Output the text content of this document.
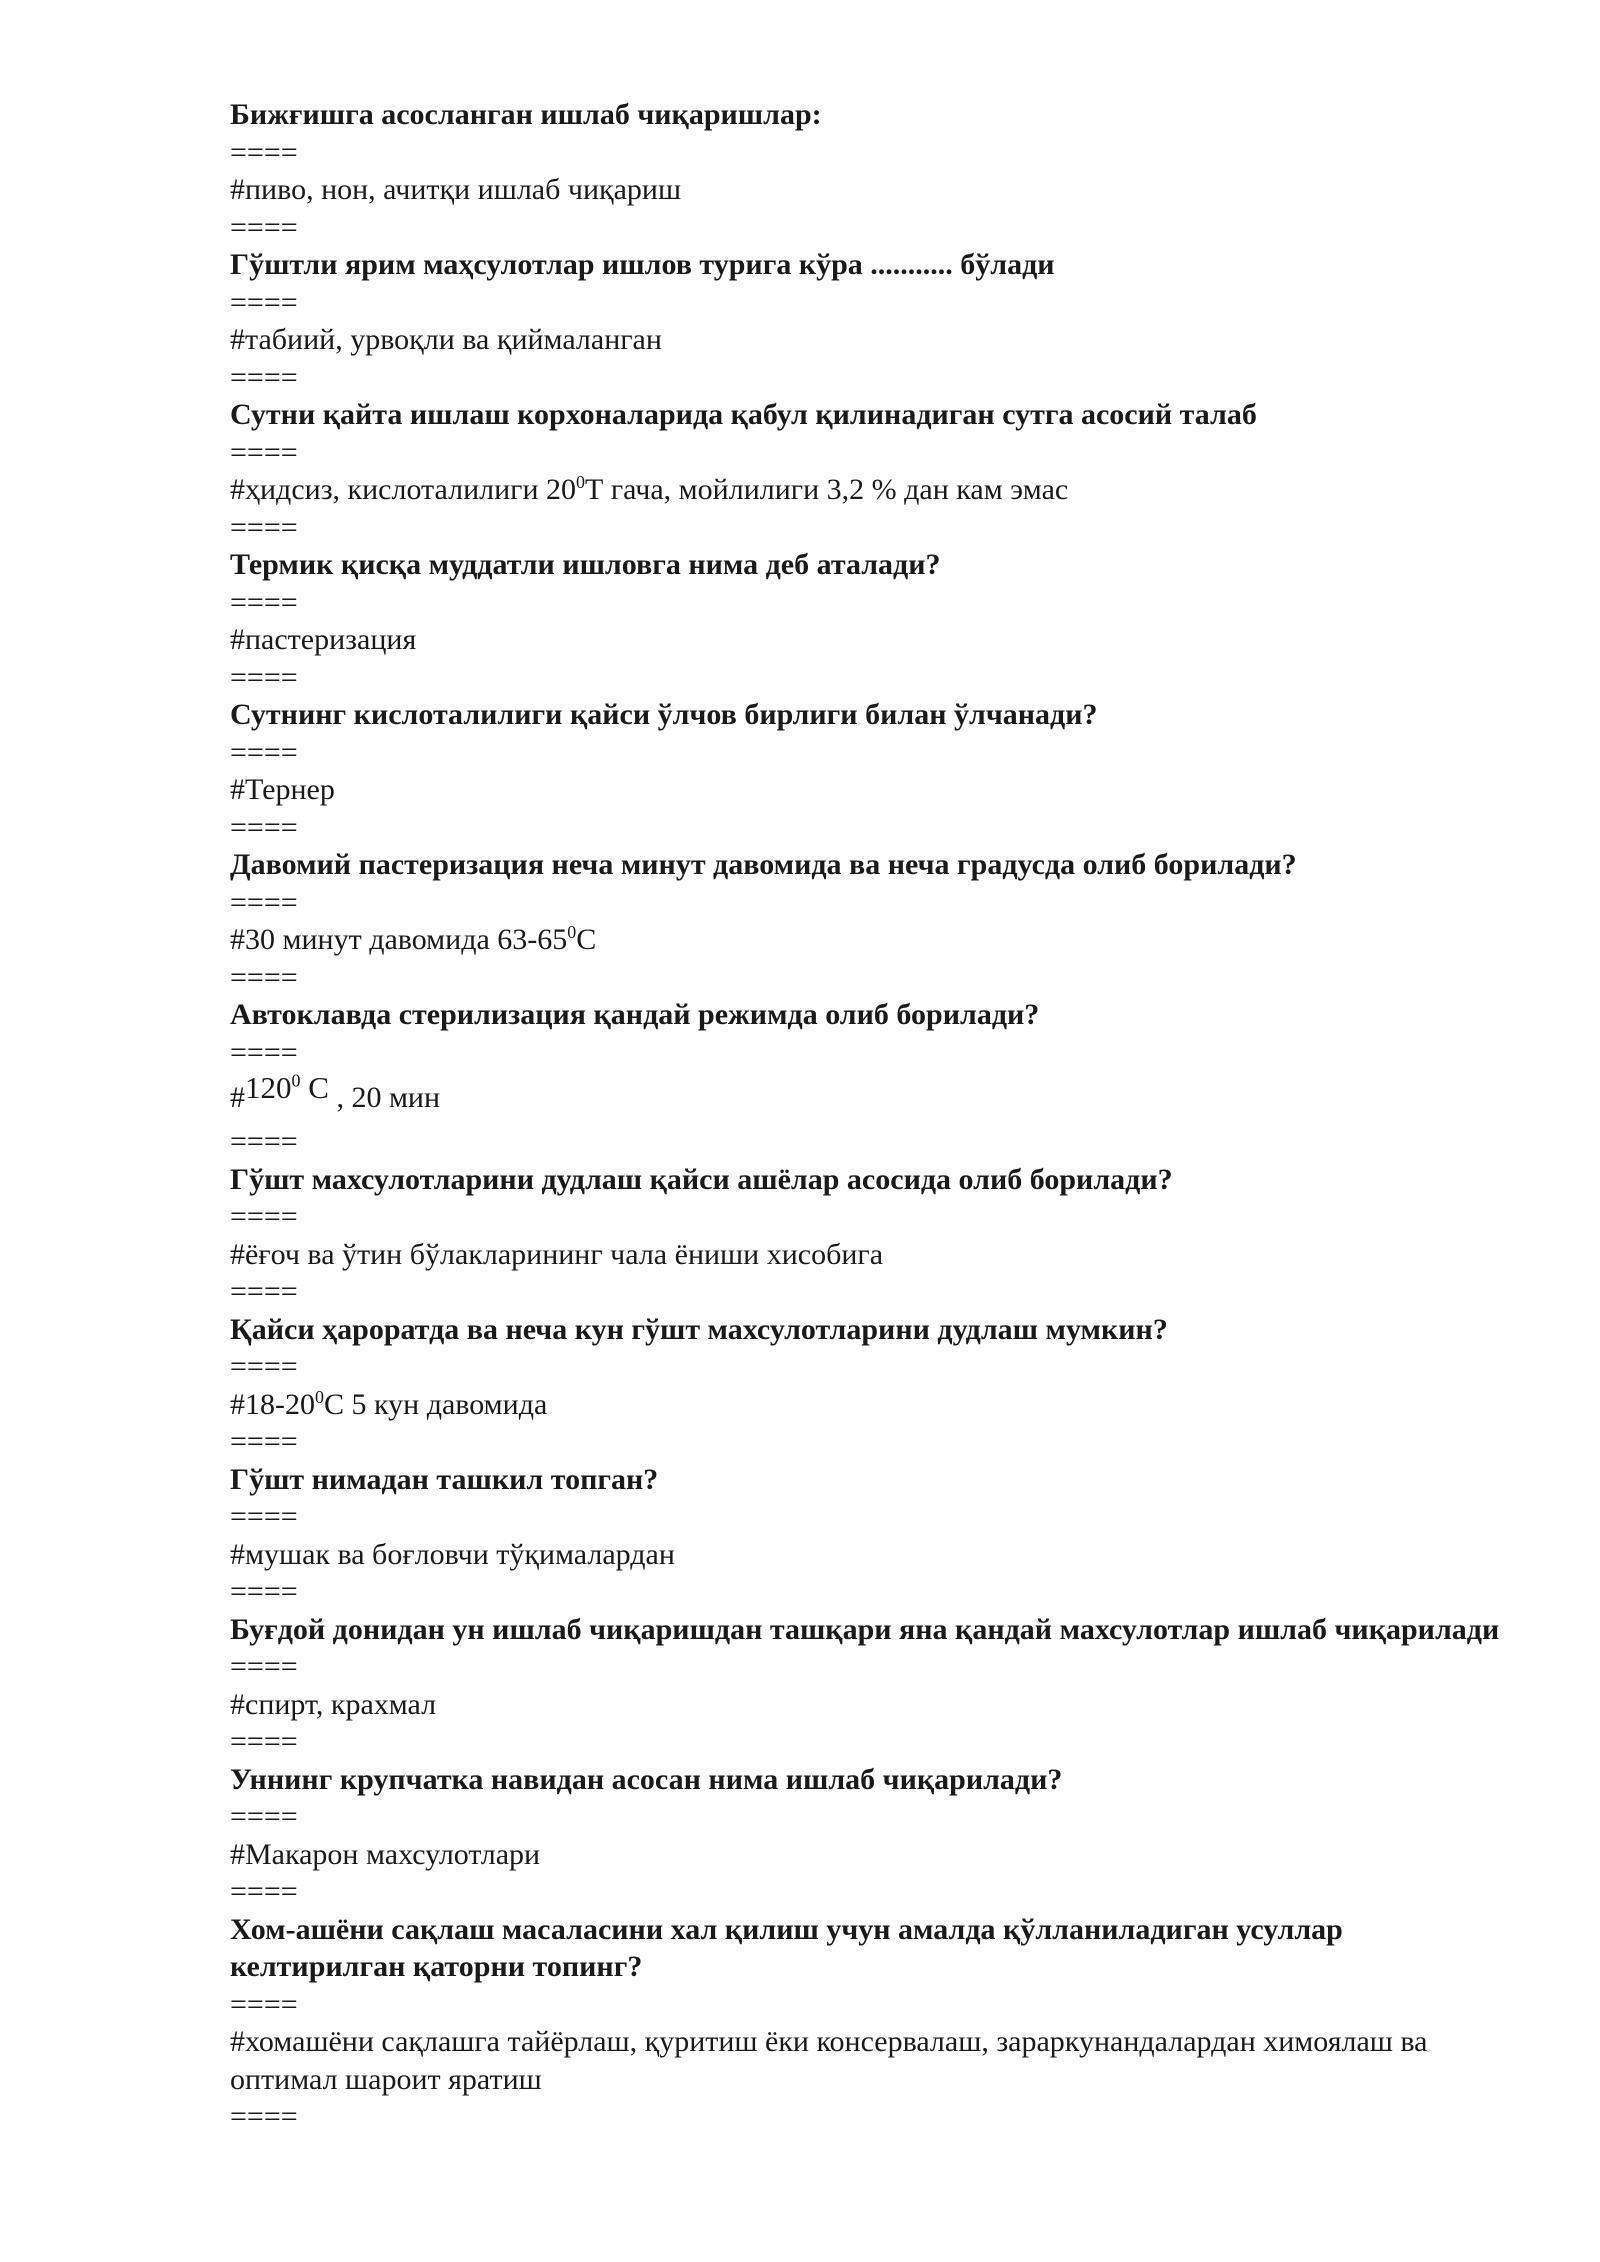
Бижғишга асосланган ишлаб чиқаришлар:
====
#пиво, нон, ачитқи ишлаб чиқариш
====
Гўштли ярим маҳсулотлар ишлов турига кўра ........... бўлади
====
#табиий, урвоқли ва қиймаланган
====
Сутни қайта ишлаш корхоналарида қабул қилинадиган сутга асосий талаб
====
#ҳидсиз, кислоталилиги $20^0Т$ гача, мойлилиги 3,2 % дан кам эмас
====
Термик қисқа муддатли ишловга нима деб аталади?
====
#пастеризация
====
Сутнинг кислоталилиги қайси ўлчов бирлиги билан ўлчанади?
====
#Тернер
====
Давомий пастеризация неча минут давомида ва неча градусда олиб борилади?
====
#30 минут давомида $63-65^0С$
====
Автоклавда стерилизация қандай режимда олиб борилади?
====
$\#120^0$ С , 20 мин
====
Гўшт махсулотларини дудлаш қайси ашёлар асосида олиб борилади?
====
#ёғоч ва ўтин бўлакларининг чала ёниши хисобига
====
Қайси ҳароратда ва неча кун гўшт махсулотларини дудлаш мумкин?
====
$\#18-20^0С$ 5 кун давомида
====
Гўшт нимадан ташкил топган?
====
#мушак ва боғловчи тўқималардан
====
Буғдой донидан ун ишлаб чиқаришдан ташқари яна қандай махсулотлар ишлаб чиқарилади
====
#спирт, крахмал
====
Уннинг крупчатка навидан асосан нима ишлаб чиқарилади?
====
#Макарон махсулотлари
====
Хом-ашёни сақлаш масаласини хал қилиш учун амалда қўлланиладиган усуллар келтирилган қаторни топинг?
====
#хомашёни сақлашга тайёрлаш, қуритиш ёки консервалаш, зараркунандалардан химоялаш ва оптимал шароит яратиш
====
